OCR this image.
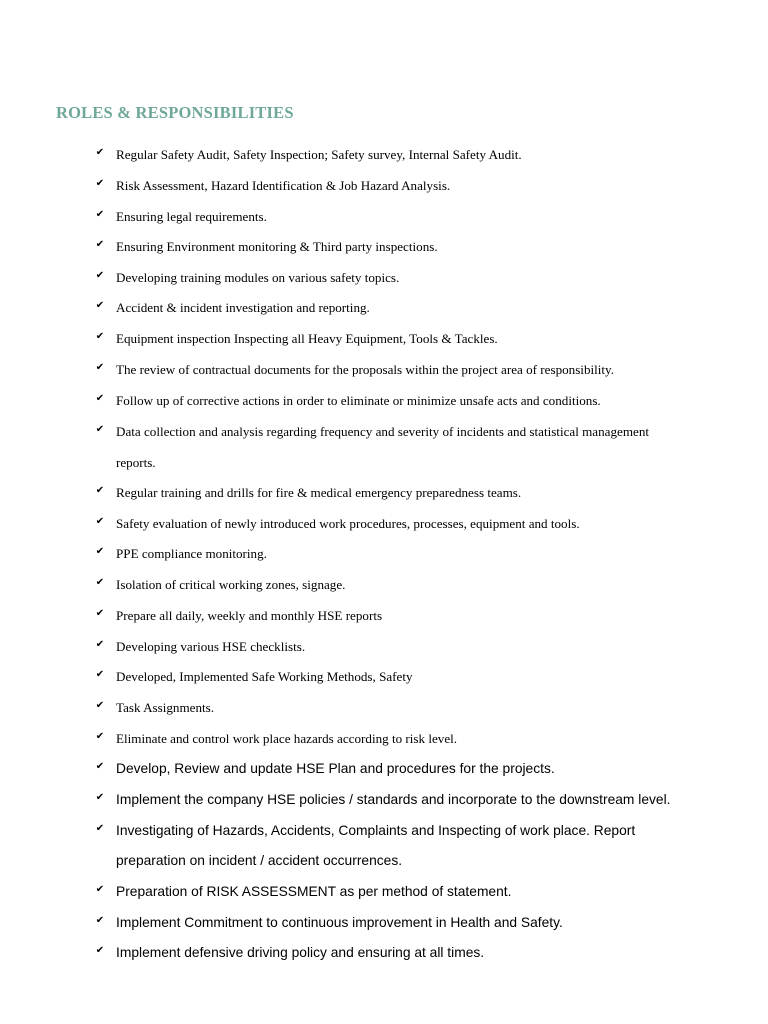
ROLES & RESPONSIBILITIES
✔ Regular Safety Audit, Safety Inspection; Safety survey, Internal Safety Audit.
✔ Risk Assessment, Hazard Identification & Job Hazard Analysis.
✔ Ensuring legal requirements.
✔ Ensuring Environment monitoring & Third party inspections.
✔ Developing training modules on various safety topics.
✔ Accident & incident investigation and reporting.
✔ Equipment inspection Inspecting all Heavy Equipment, Tools & Tackles.
✔ The review of contractual documents for the proposals within the project area of responsibility.
✔ Follow up of corrective actions in order to eliminate or minimize unsafe acts and conditions.
✔ Data collection and analysis regarding frequency and severity of incidents and statistical management
reports.
✔ Regular training and drills for fire & medical emergency preparedness teams.
✔ Safety evaluation of newly introduced work procedures, processes, equipment and tools.
✔ PPE compliance monitoring.
✔ Isolation of critical working zones, signage.
✔ Prepare all daily, weekly and monthly HSE reports
✔ Developing various HSE checklists.
✔ Developed, Implemented Safe Working Methods, Safety
✔ Task Assignments.
✔ Eliminate and control work place hazards according to risk level.
✔ Develop, Review and update HSE Plan and procedures for the projects.
✔ Implement the company HSE policies / standards and incorporate to the downstream level.
✔ Investigating of Hazards, Accidents, Complaints and Inspecting of work place. Report
preparation on incident / accident occurrences.
✔ Preparation of RISK ASSESSMENT as per method of statement.
✔ Implement Commitment to continuous improvement in Health and Safety.
✔ Implement defensive driving policy and ensuring at all times.
